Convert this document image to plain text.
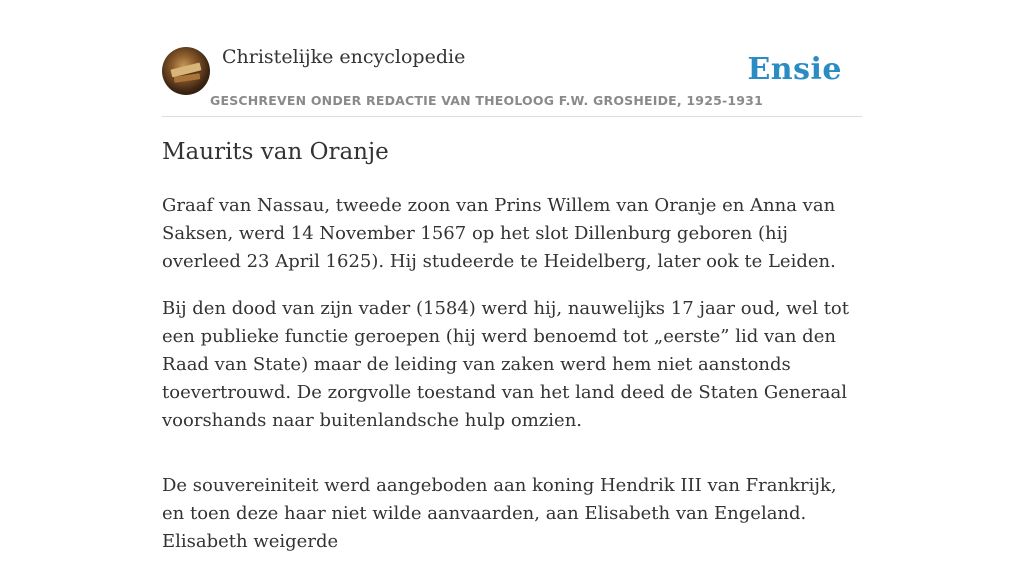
Christelijke encyclopedie
GESCHREVEN ONDER REDACTIE VAN THEOLOOG F.W. GROSHEIDE, 1925-1931
Ensie
Maurits van Oranje

Graaf van Nassau, tweede zoon van Prins Willem van Oranje en Anna van Saksen, werd 14 November 1567 op het slot Dillenburg geboren (hij overleed 23 April 1625). Hij studeerde te Heidelberg, later ook te Leiden.

Bij den dood van zijn vader (1584) werd hij, nauwelijks 17 jaar oud, wel tot een publieke functie geroepen (hij werd benoemd tot „eerste” lid van den Raad van State) maar de leiding van zaken werd hem niet aanstonds toevertrouwd. De zorgvolle toestand van het land deed de Staten Generaal voorshands naar buitenlandsche hulp omzien.

De souvereiniteit werd aangeboden aan koning Hendrik III van Frankrijk, en toen deze haar niet wilde aanvaarden, aan Elisabeth van Engeland. Elisabeth weigerde
